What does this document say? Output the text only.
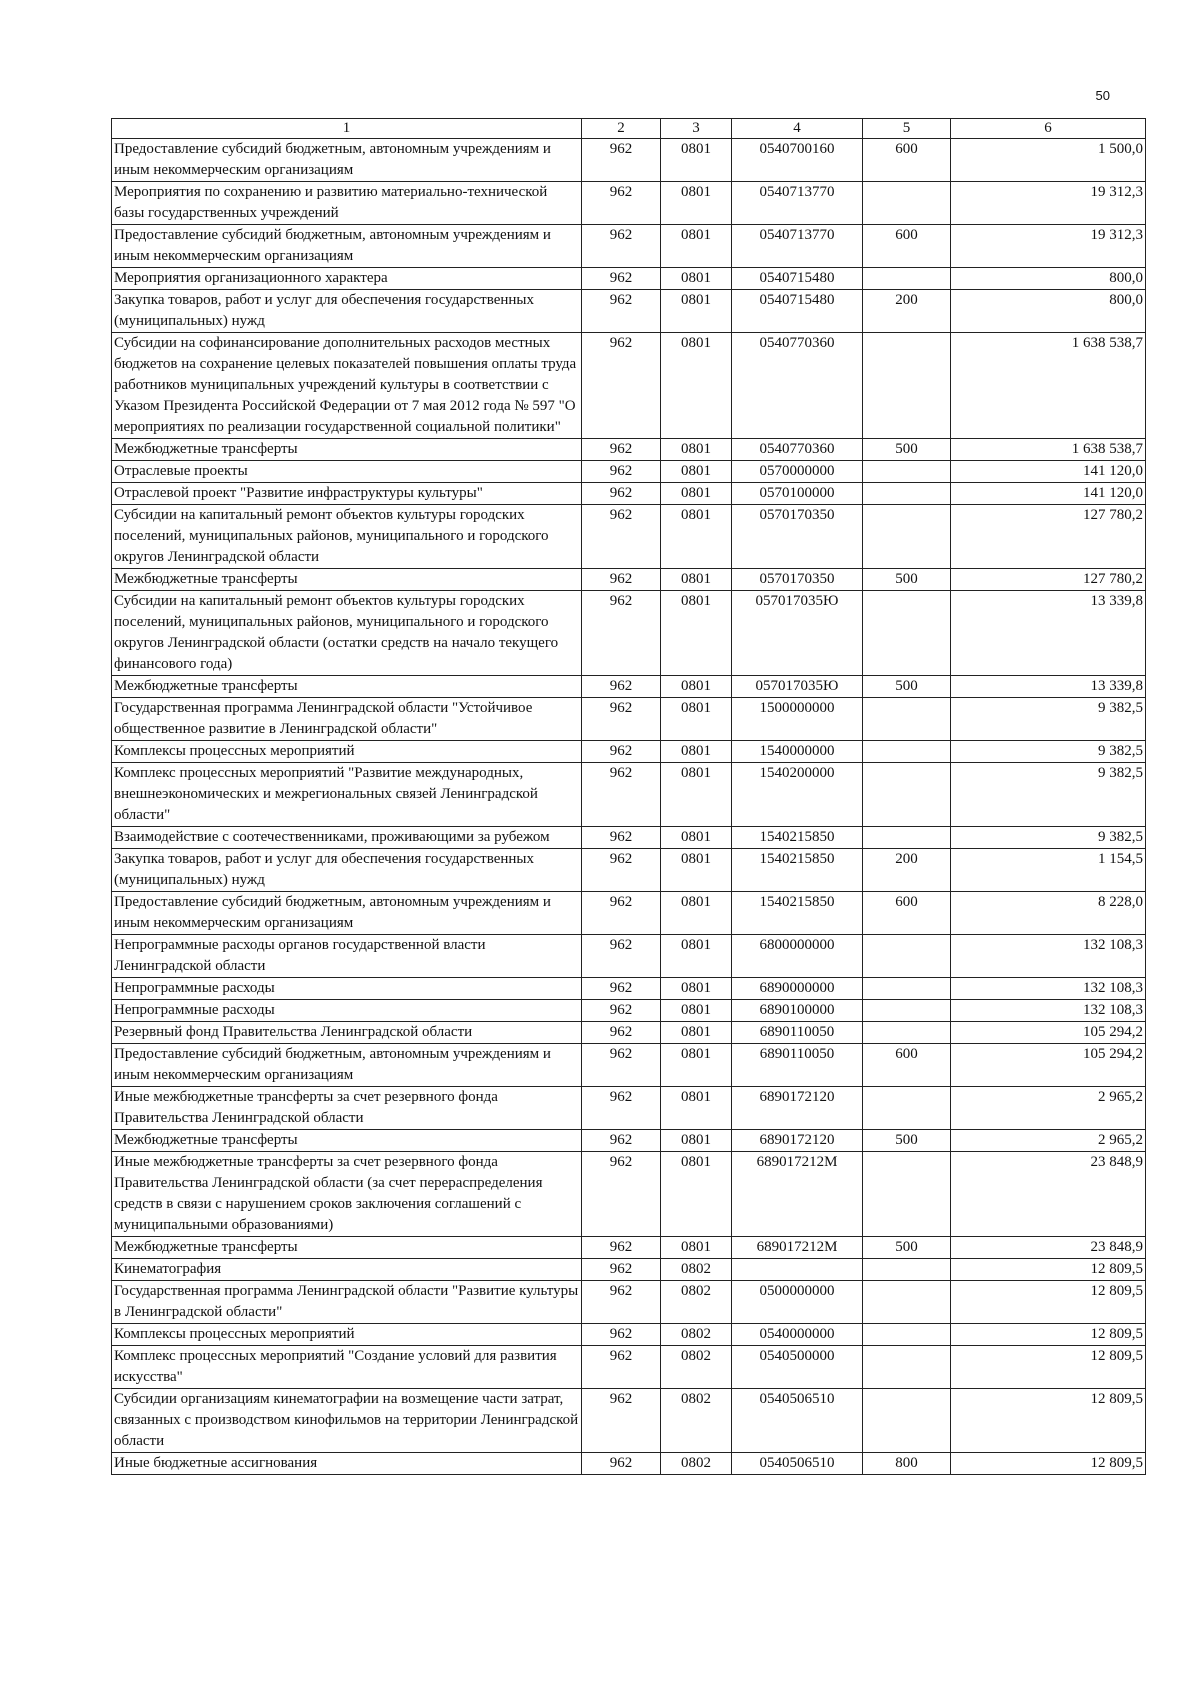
50
1	2	3	4	5	6
Предоставление субсидий бюджетным, автономным учреждениям и иным некоммерческим организациям	962	0801	0540700160	600	1 500,0
Мероприятия по сохранению и развитию материально-технической базы государственных учреждений	962	0801	0540713770		19 312,3
Предоставление субсидий бюджетным, автономным учреждениям и иным некоммерческим организациям	962	0801	0540713770	600	19 312,3
Мероприятия организационного характера	962	0801	0540715480		800,0
Закупка товаров, работ и услуг для обеспечения государственных (муниципальных) нужд	962	0801	0540715480	200	800,0
Субсидии на софинансирование дополнительных расходов местных бюджетов на сохранение целевых показателей повышения оплаты труда работников муниципальных учреждений культуры в соответствии с Указом Президента Российской Федерации от 7 мая 2012 года № 597 "О мероприятиях по реализации государственной социальной политики"	962	0801	0540770360		1 638 538,7
Межбюджетные трансферты	962	0801	0540770360	500	1 638 538,7
Отраслевые проекты	962	0801	0570000000		141 120,0
Отраслевой проект "Развитие инфраструктуры культуры"	962	0801	0570100000		141 120,0
Субсидии на капитальный ремонт объектов культуры городских поселений, муниципальных районов, муниципального и городского округов Ленинградской области	962	0801	0570170350		127 780,2
Межбюджетные трансферты	962	0801	0570170350	500	127 780,2
Субсидии на капитальный ремонт объектов культуры городских поселений, муниципальных районов, муниципального и городского округов Ленинградской области (остатки средств на начало текущего финансового года)	962	0801	057017035Ю		13 339,8
Межбюджетные трансферты	962	0801	057017035Ю	500	13 339,8
Государственная программа Ленинградской области "Устойчивое общественное развитие в Ленинградской области"	962	0801	1500000000		9 382,5
Комплексы процессных мероприятий	962	0801	1540000000		9 382,5
Комплекс процессных мероприятий "Развитие международных, внешнеэкономических и межрегиональных связей Ленинградской области"	962	0801	1540200000		9 382,5
Взаимодействие с соотечественниками, проживающими за рубежом	962	0801	1540215850		9 382,5
Закупка товаров, работ и услуг для обеспечения государственных (муниципальных) нужд	962	0801	1540215850	200	1 154,5
Предоставление субсидий бюджетным, автономным учреждениям и иным некоммерческим организациям	962	0801	1540215850	600	8 228,0
Непрограммные расходы органов государственной власти Ленинградской области	962	0801	6800000000		132 108,3
Непрограммные расходы	962	0801	6890000000		132 108,3
Непрограммные расходы	962	0801	6890100000		132 108,3
Резервный фонд Правительства Ленинградской области	962	0801	6890110050		105 294,2
Предоставление субсидий бюджетным, автономным учреждениям и иным некоммерческим организациям	962	0801	6890110050	600	105 294,2
Иные межбюджетные трансферты за счет резервного фонда Правительства Ленинградской области	962	0801	6890172120		2 965,2
Межбюджетные трансферты	962	0801	6890172120	500	2 965,2
Иные межбюджетные трансферты за счет резервного фонда Правительства Ленинградской области (за счет перераспределения средств в связи с нарушением сроков заключения соглашений с муниципальными образованиями)	962	0801	689017212М		23 848,9
Межбюджетные трансферты	962	0801	689017212М	500	23 848,9
Кинематография	962	0802			12 809,5
Государственная программа Ленинградской области "Развитие культуры в Ленинградской области"	962	0802	0500000000		12 809,5
Комплексы процессных мероприятий	962	0802	0540000000		12 809,5
Комплекс процессных мероприятий "Создание условий для развития искусства"	962	0802	0540500000		12 809,5
Субсидии организациям кинематографии на возмещение части затрат, связанных с производством кинофильмов на территории Ленинградской области	962	0802	0540506510		12 809,5
Иные бюджетные ассигнования	962	0802	0540506510	800	12 809,5
